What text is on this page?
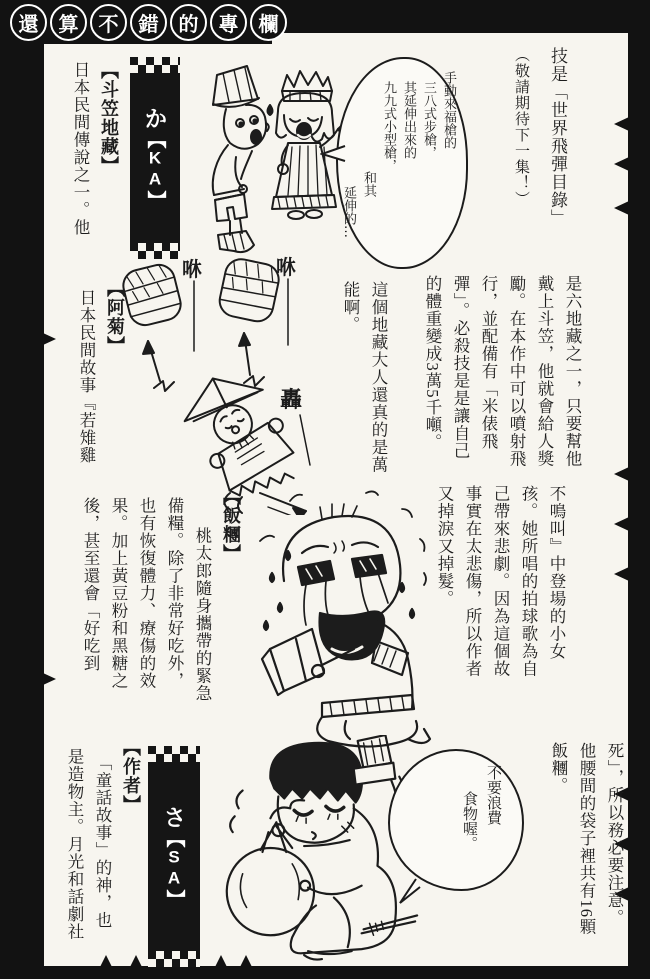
技是「世界飛彈目錄」
（敬請期待下一集！）
手動來福槍的
三八式步槍，
其延伸出來的
九九式小型槍，
和其
延伸的…
か【KA】
【斗笠地藏】
日本民間傳說之一。他
是六地藏之一，只要幫他
戴上斗笠，他就會給人獎
勵。在本作中可以噴射飛
行，並配備有「米俵飛
彈」。必殺技是是讓自己
的體重變成3萬5千噸。
這個地藏大人還真的是萬
能啊。
咻	咻
轟
【阿菊】
日本民間故事『若雉雞
不鳴叫』中登場的小女
孩。她所唱的拍球歌為自
己帶來悲劇。因為這個故
事實在太悲傷，所以作者
又掉淚又掉髮。
【飯糰】
桃太郎隨身攜帶的緊急
備糧。除了非常好吃外，
也有恢復體力、療傷的效
果。加上黃豆粉和黑糖之
後，甚至還會「好吃到
死」，所以務必要注意。
他腰間的袋子裡共有16顆
飯糰。
不要浪費
食物喔。
さ【SA】
【作者】
「童話故事」的神，也
是造物主。月光和話劇社
還 算 不 錯 的 專 欄
